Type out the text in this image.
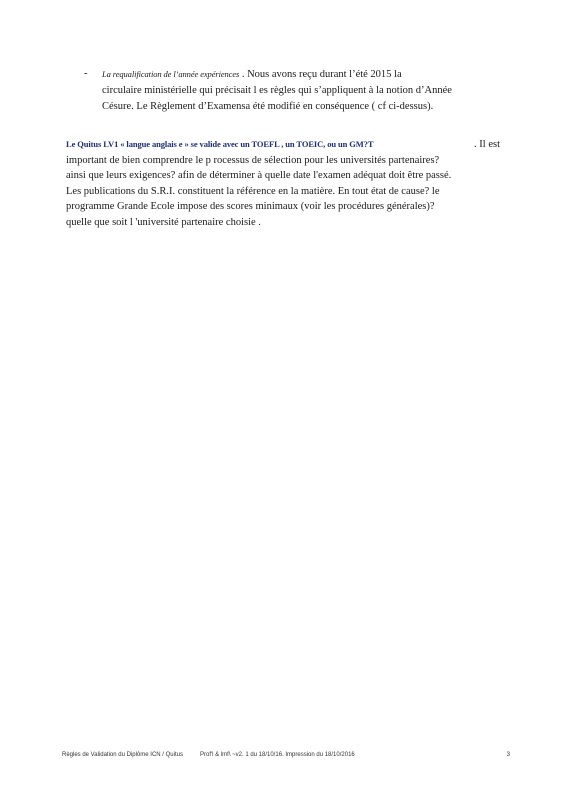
- La requalification de l’année expériences . Nous avons reçu durant l’été 2015 la
circulaire ministérielle qui précisait l es règles qui s’appliquent à la notion d’Année
Césure. Le Règlement d’Examensa été modifié en conséquence ( cf ci-dessus).
Le Quitus LV1 « langue anglais e » se valide avec un TOEFL , un TOEIC, ou un GM?T	. Il est
important de bien comprendre le p rocessus de sélection pour les universités partenaires?
ainsi que leurs exigences? afin de déterminer à quelle date l'examen adéquat doit être passé.
Les publications du S.R.I. constituent la référence en la matière. En tout état de cause? le
programme Grande Ecole impose des scores minimaux (voir les procédures générales)?
quelle que soit l 'université partenaire choisie .
Règles de Validation du Diplôme ICN / Quitus	Prof'l & lmf\ ~v2. 1 du 18/10/16. Impression du 18/10/2016	3
